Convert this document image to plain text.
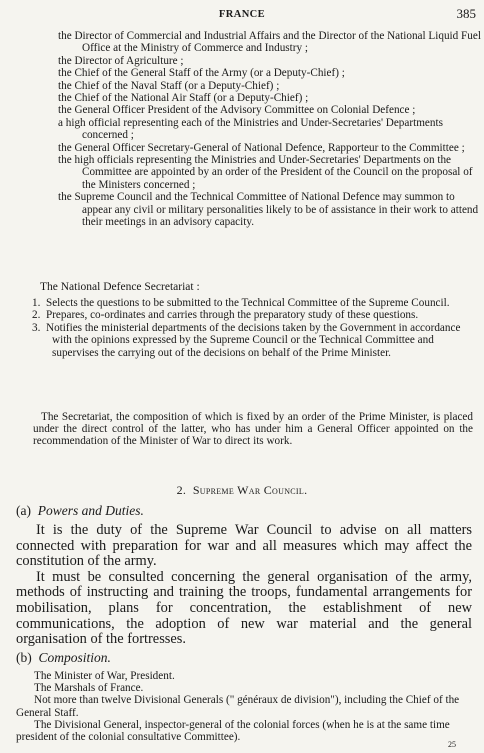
FRANCE	385

the Director of Commercial and Industrial Affairs and the Director of the National Liquid Fuel Office at the Ministry of Commerce and Industry ;

the Director of Agriculture ;

the Chief of the General Staff of the Army (or a Deputy-Chief) ;

the Chief of the Naval Staff (or a Deputy-Chief) ;

the Chief of the National Air Staff (or a Deputy-Chief) ;

the General Officer President of the Advisory Committee on Colonial Defence ;

a high official representing each of the Ministries and Under-Secretaries' Departments concerned ;

the General Officer Secretary-General of National Defence, Rapporteur to the Committee ;

the high officials representing the Ministries and Under-Secretaries' Departments on the Committee are appointed by an order of the President of the Council on the proposal of the Ministers concerned ;

the Supreme Council and the Technical Committee of National Defence may summon to appear any civil or military personalities likely to be of assistance in their work to attend their meetings in an advisory capacity.

The National Defence Secretariat :

1. Selects the questions to be submitted to the Technical Committee of the Supreme Council.

2. Prepares, co-ordinates and carries through the preparatory study of these questions.

3. Notifies the ministerial departments of the decisions taken by the Government in accordance with the opinions expressed by the Supreme Council or the Technical Committee and supervises the carrying out of the decisions on behalf of the Prime Minister.

The Secretariat, the composition of which is fixed by an order of the Prime Minister, is placed under the direct control of the latter, who has under him a General Officer appointed on the recommendation of the Minister of War to direct its work.
2. Supreme War Council.
(a) Powers and Duties.

It is the duty of the Supreme War Council to advise on all matters connected with preparation for war and all measures which may affect the constitution of the army.

It must be consulted concerning the general organisation of the army, methods of instructing and training the troops, fundamental arrangements for mobilisation, plans for concentration, the establishment of new communications, the adoption of new war material and the general organisation of the fortresses.

(b) Composition.

The Minister of War, President.

The Marshals of France.

Not more than twelve Divisional Generals (" généraux de division"), including the Chief of the General Staff.

The Divisional General, inspector-general of the colonial forces (when he is at the same time president of the colonial consultative Committee).

25
